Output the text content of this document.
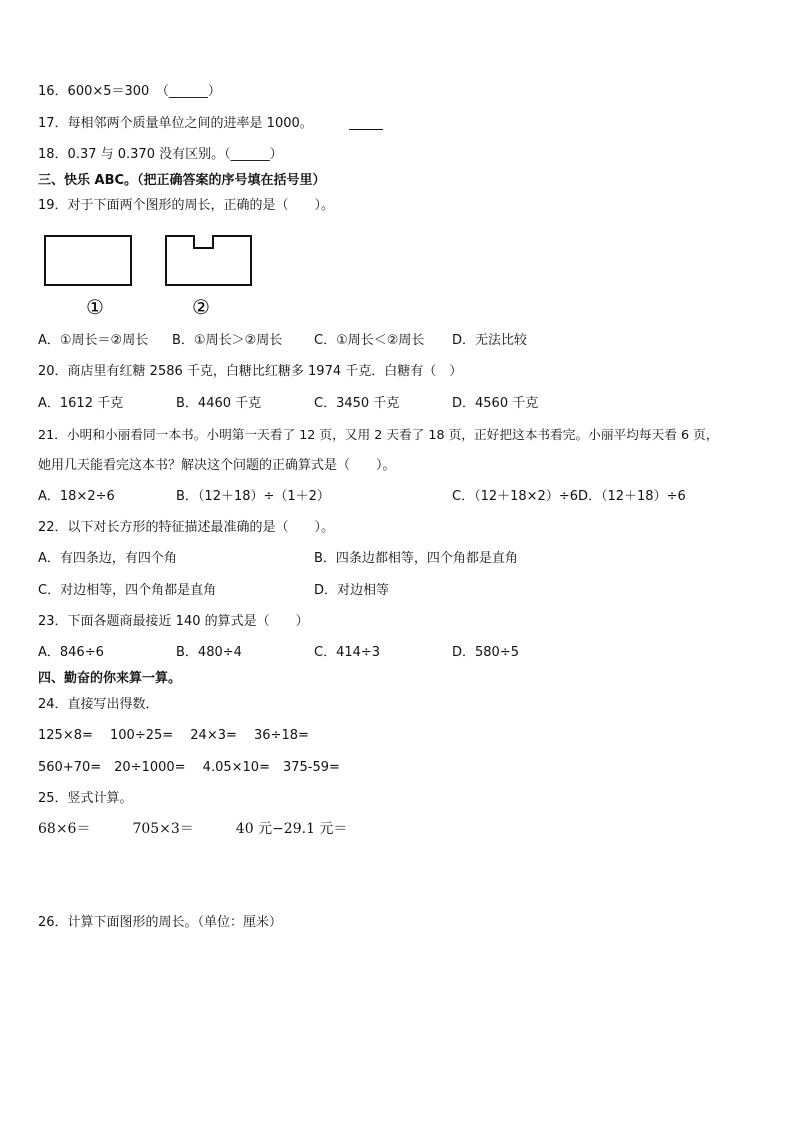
16．600×5＝300　（______）
17．每相邻两个质量单位之间的进率是 1000。
18．0.37 与 0.370 没有区别。（______）
三、快乐 ABC。（把正确答案的序号填在括号里）
19．对于下面两个图形的周长，正确的是（　　）。
①	②
A．①周长＝②周长 B．①周长＞②周长 C．①周长＜②周长 D．无法比较
20．商店里有红糖 2586 千克，白糖比红糖多 1974 千克．白糖有（　）
A．1612 千克	B．4460 千克	C．3450 千克	D．4560 千克
21．小明和小丽看同一本书。小明第一天看了 12 页，又用 2 天看了 18 页，正好把这本书看完。小丽平均每天看 6 页，
她用几天能看完这本书？解决这个问题的正确算式是（　　）。
A．18×2÷6	B．（12＋18）÷（1＋2）	C．（12＋18×2）÷6D．（12＋18）÷6
22．以下对长方形的特征描述最准确的是（　　）。
A．有四条边，有四个角	B．四条边都相等，四个角都是直角
C．对边相等，四个角都是直角	D．对边相等
23．下面各题商最接近 140 的算式是（　　）
A．846÷6	B．480÷4	C．414÷3	D．580÷5
四、勤奋的你来算一算。
24．直接写出得数．
125×8=　 100÷25=　 24×3=　 36÷18=
560+70=　20÷1000=　 4.05×10=　375-59=
25．竖式计算。
68×6＝　　　705×3＝　　　40 元−29.1 元＝
26．计算下面图形的周长。（单位：厘米）
